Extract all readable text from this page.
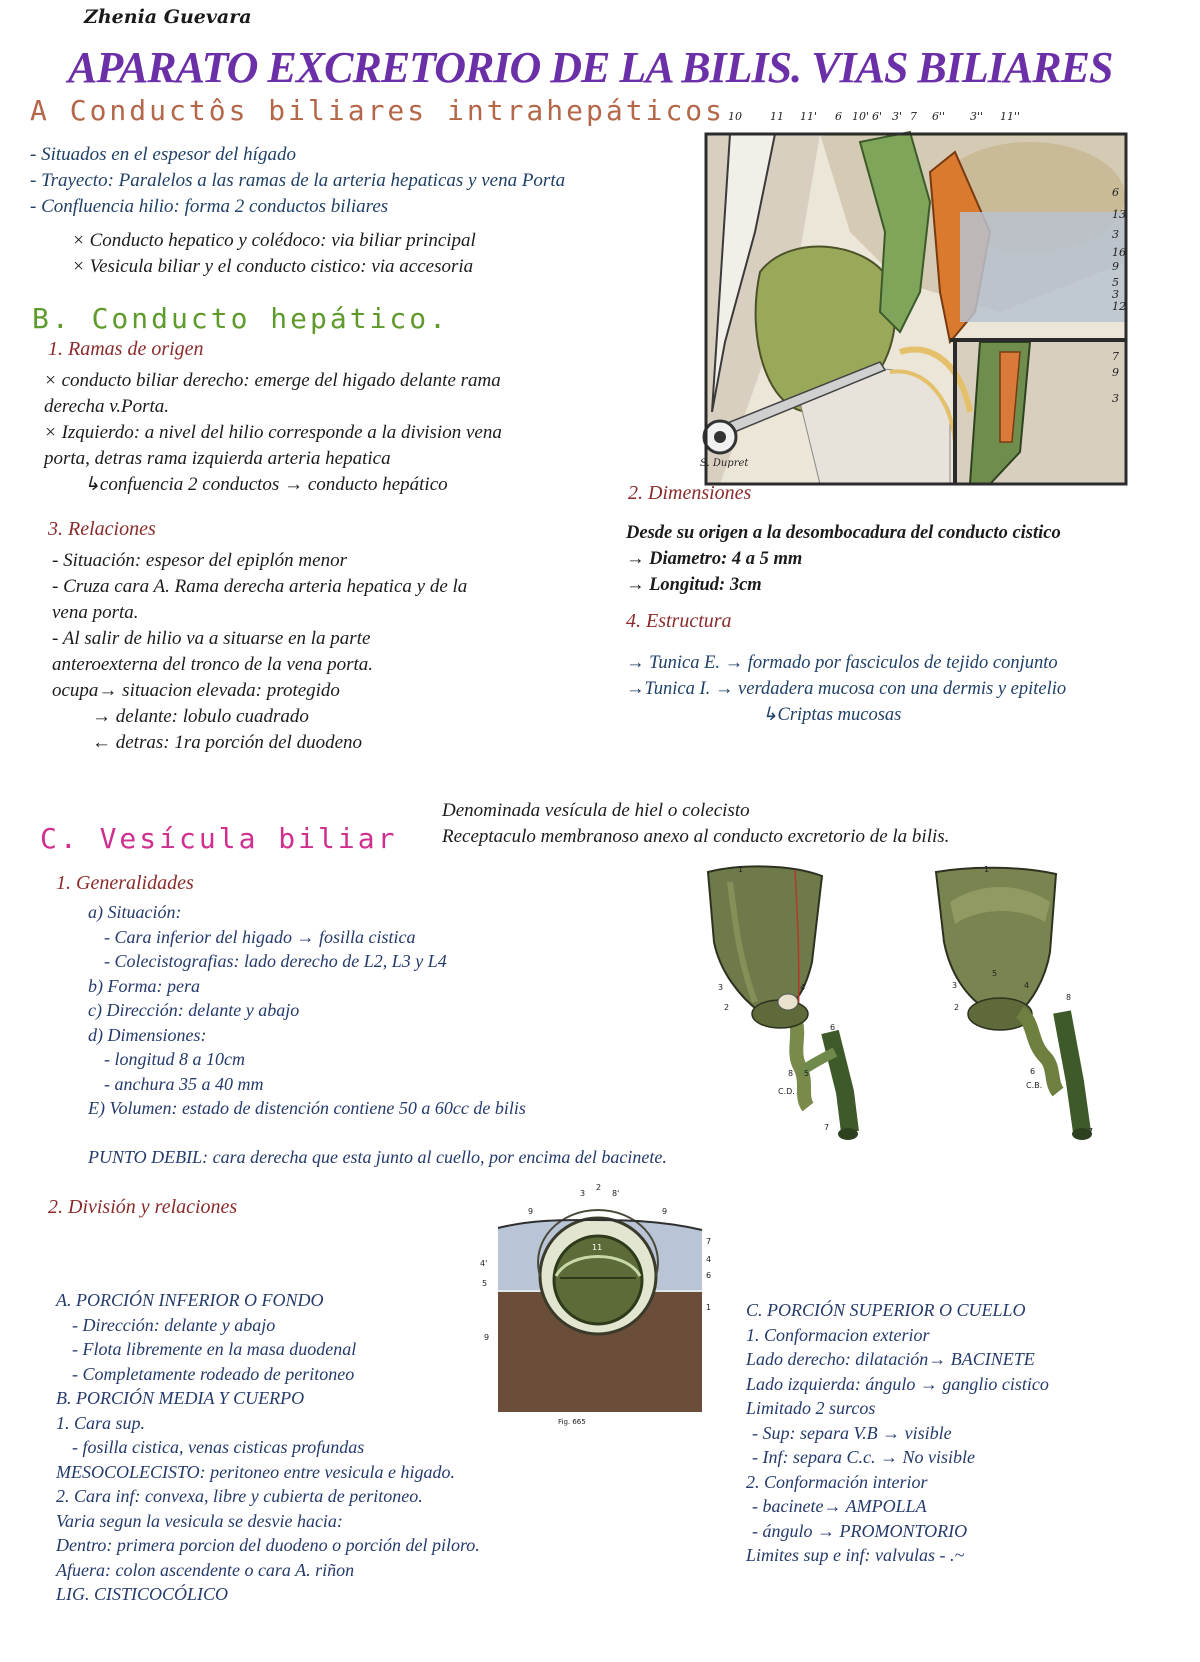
Zhenia Guevara
APARATO EXCRETORIO DE LA BILIS. VIAS BILIARES
A Conductôs biliares intrahepáticos
- Situados en el espesor del hígado
- Trayecto: Paralelos a las ramas de la arteria hepaticas y vena Porta
- Confluencia hilio: forma 2 conductos biliares
× Conducto hepatico y colédoco: via biliar principal
× Vesicula biliar y el conducto cistico: via accesoria
10	11 11' 6 10' 6' 3' 7 6'' 3'' 11''
6
13
3
16
9
5
3
12
7
9
3
S. Dupret
B. Conducto hepático.
1. Ramas de origen
× conducto biliar derecho: emerge del higado delante rama
derecha v.Porta.
× Izquierdo: a nivel del hilio corresponde a la division vena
porta, detras rama izquierda arteria hepatica
↳confuencia 2 conductos → conducto hepático	2. Dimensiones
Desde su origen a la desombocadura del conducto cistico
→ Diametro: 4 a 5 mm
→ Longitud: 3cm
3. Relaciones
- Situación: espesor del epiplón menor
- Cruza cara A. Rama derecha arteria hepatica y de la
vena porta.
- Al salir de hilio va a situarse en la parte
anteroexterna del tronco de la vena porta.
ocupa→ situacion elevada: protegido
→ delante: lobulo cuadrado
← detras: 1ra porción del duodeno
4. Estructura
→ Tunica E. → formado por fasciculos de tejido conjunto
→Tunica I. → verdadera mucosa con una dermis y epitelio
↳Criptas mucosas
C. Vesícula biliar
Denominada vesícula de hiel o colecisto
Receptaculo membranoso anexo al conducto excretorio de la bilis.
1. Generalidades
a) Situación:
- Cara inferior del higado → fosilla cistica
- Colecistografias: lado derecho de L2, L3 y L4
b) Forma: pera
c) Dirección: delante y abajo
d) Dimensiones:
- longitud 8 a 10cm
- anchura 35 a 40 mm
E) Volumen: estado de distención contiene 50 a 60cc de bilis
PUNTO DEBIL: cara derecha que esta junto al cuello, por encima del bacinete.
1
3	4
2
6
8 5
C.D.
7
1
3	4
5
2
8
6
C.B.
7
2. División y relaciones
A. PORCIÓN INFERIOR O FONDO
- Dirección: delante y abajo
- Flota libremente en la masa duodenal
- Completamente rodeado de peritoneo
B. PORCIÓN MEDIA Y CUERPO
1. Cara sup.
- fosilla cistica, venas cisticas profundas
MESOCOLECISTO: peritoneo entre vesicula e higado.
2. Cara inf: convexa, libre y cubierta de peritoneo.
Varia segun la vesicula se desvie hacia:
Dentro: primera porcion del duodeno o porción del piloro.
Afuera: colon ascendente o cara A. riñon
LIG. CISTICOCÓLICO
C. PORCIÓN SUPERIOR O CUELLO
1. Conformacion exterior
Lado derecho: dilatación→ BACINETE
Lado izquierda: ángulo → ganglio cistico
Limitado 2 surcos
- Sup: separa V.B → visible
- Inf: separa C.c. → No visible
2. Conformación interior
- bacinete→ AMPOLLA
- ángulo → PROMONTORIO
Limites sup e inf: valvulas - .~
3
2
8'
9	9
7
4
6
4'
5
1
9
11
Fig. 665
